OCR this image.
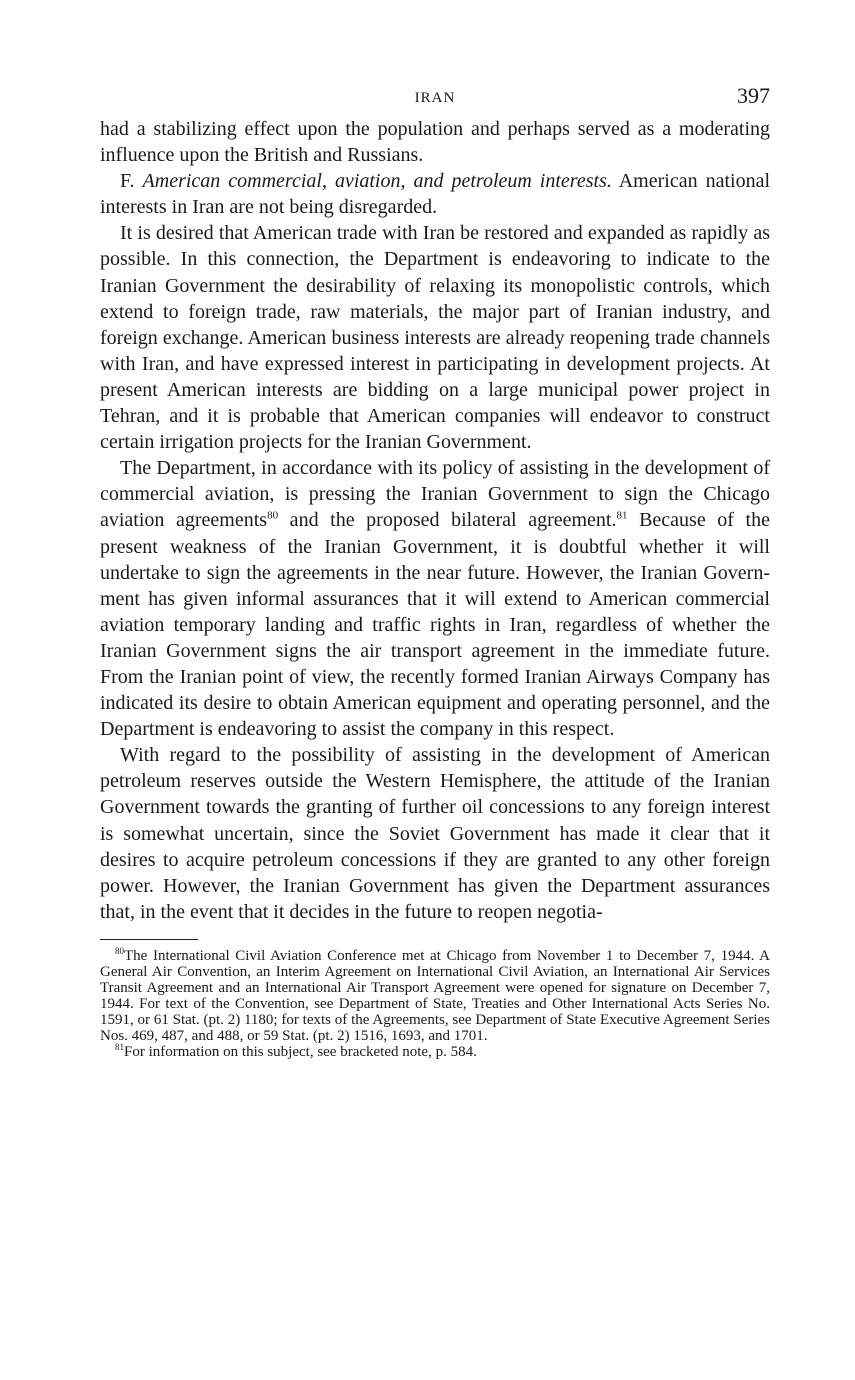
IRAN	397

had a stabilizing effect upon the population and perhaps served as a moderating influence upon the British and Russians.

F. American commercial, aviation, and petroleum interests. American national interests in Iran are not being disregarded.

It is desired that American trade with Iran be restored and expanded as rapidly as possible. In this connection, the Department is endeavoring to indicate to the Iranian Government the desirability of relaxing its monopolistic controls, which extend to foreign trade, raw materials, the major part of Iranian industry, and foreign exchange. American business interests are already reopening trade channels with Iran, and have expressed interest in participating in development projects. At present American interests are bidding on a large municipal power project in Tehran, and it is probable that American companies will endeavor to construct certain irrigation projects for the Iranian Government.

The Department, in accordance with its policy of assisting in the development of commercial aviation, is pressing the Iranian Government to sign the Chicago aviation agreements$^{80}$ and the proposed bilateral agreement.$^{81}$ Because of the present weakness of the Iranian Government, it is doubtful whether it will undertake to sign the agreements in the near future. However, the Iranian Government has given informal assurances that it will extend to American commercial aviation temporary landing and traffic rights in Iran, regardless of whether the Iranian Government signs the air transport agreement in the immediate future. From the Iranian point of view, the recently formed Iranian Airways Company has indicated its desire to obtain American equipment and operating personnel, and the Department is endeavoring to assist the company in this respect.

With regard to the possibility of assisting in the development of American petroleum reserves outside the Western Hemisphere, the attitude of the Iranian Government towards the granting of further oil concessions to any foreign interest is somewhat uncertain, since the Soviet Government has made it clear that it desires to acquire petroleum concessions if they are granted to any other foreign power. However, the Iranian Government has given the Department assurances that, in the event that it decides in the future to reopen negotia-

$^{80}$The International Civil Aviation Conference met at Chicago from November 1 to December 7, 1944. A General Air Convention, an Interim Agreement on International Civil Aviation, an International Air Services Transit Agreement and an International Air Transport Agreement were opened for signature on December 7, 1944. For text of the Convention, see Department of State, Treaties and Other International Acts Series No. 1591, or 61 Stat. (pt. 2) 1180; for texts of the Agreements, see Department of State Executive Agreement Series Nos. 469, 487, and 488, or 59 Stat. (pt. 2) 1516, 1693, and 1701.

$^{81}$For information on this subject, see bracketed note, p. 584.
